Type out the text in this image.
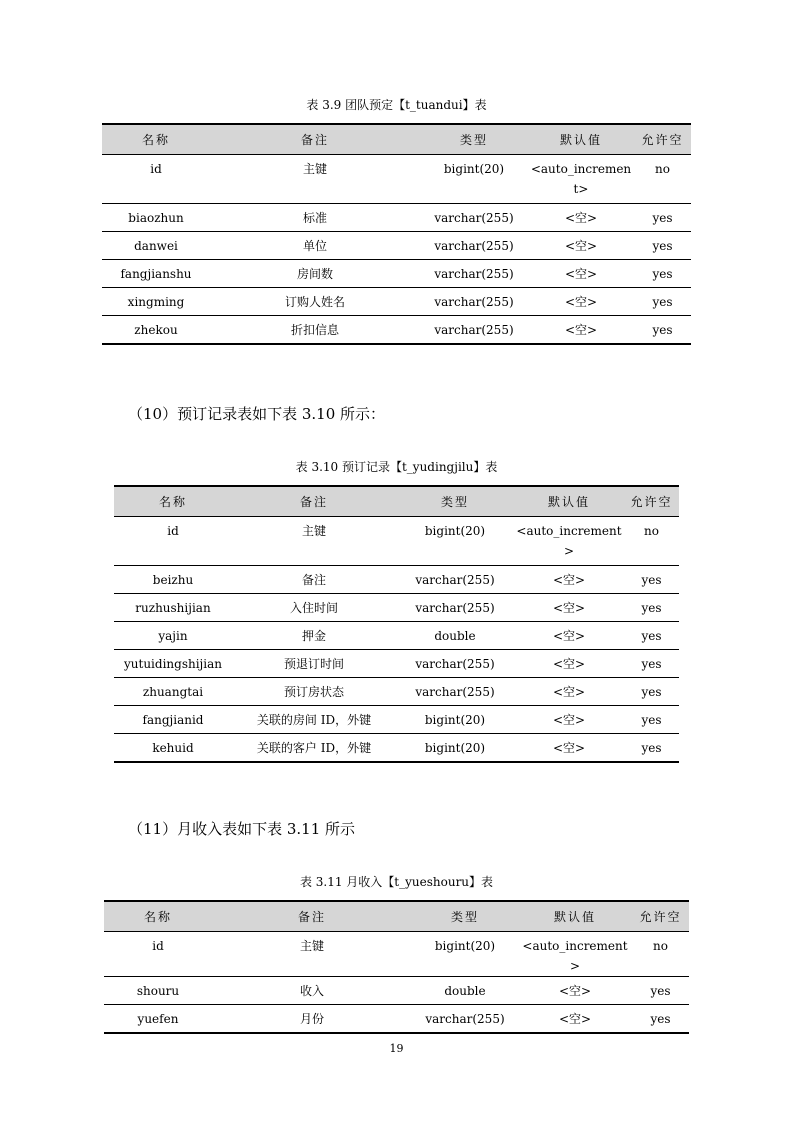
表 3.9 团队预定【t_tuandui】表
名称	备注	类型	默认值	允许空
id	主键	bigint(20)	<auto_increment>	no
biaozhun	标准	varchar(255)	<空>	yes
danwei	单位	varchar(255)	<空>	yes
fangjianshu	房间数	varchar(255)	<空>	yes
xingming	订购人姓名	varchar(255)	<空>	yes
zhekou	折扣信息	varchar(255)	<空>	yes
（10）预订记录表如下表 3.10 所示：
表 3.10 预订记录【t_yudingjilu】表
名称	备注	类型	默认值	允许空
id	主键	bigint(20)	<auto_increment>	no
beizhu	备注	varchar(255)	<空>	yes
ruzhushijian	入住时间	varchar(255)	<空>	yes
yajin	押金	double	<空>	yes
yutuidingshijian	预退订时间	varchar(255)	<空>	yes
zhuangtai	预订房状态	varchar(255)	<空>	yes
fangjianid	关联的房间 ID，外键	bigint(20)	<空>	yes
kehuid	关联的客户 ID，外键	bigint(20)	<空>	yes
（11）月收入表如下表 3.11 所示
表 3.11 月收入【t_yueshouru】表
名称	备注	类型	默认值	允许空
id	主键	bigint(20)	<auto_increment>	no
shouru	收入	double	<空>	yes
yuefen	月份	varchar(255)	<空>	yes
19
